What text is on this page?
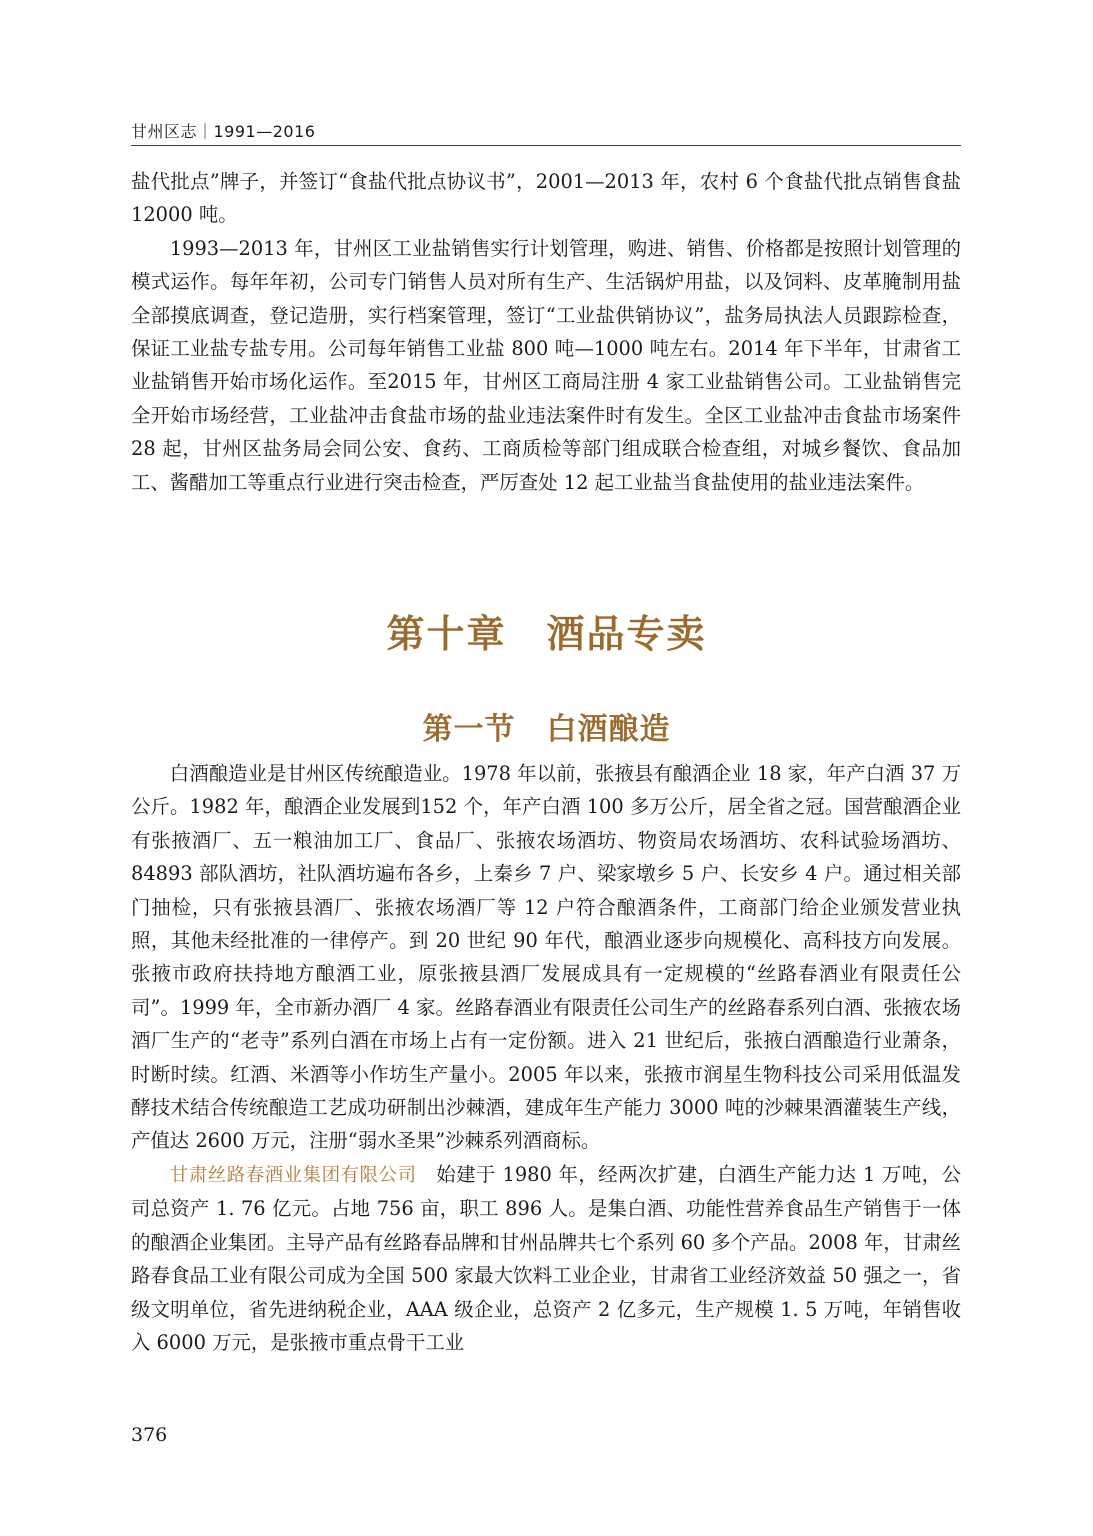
甘州区志｜1991—2016

盐代批点”牌子，并签订“食盐代批点协议书”，2001—2013 年，农村 6 个食盐代批点销售食盐 12000 吨。

1993—2013 年，甘州区工业盐销售实行计划管理，购进、销售、价格都是按照计划管理的模式运作。每年年初，公司专门销售人员对所有生产、生活锅炉用盐，以及饲料、皮革腌制用盐全部摸底调查，登记造册，实行档案管理，签订“工业盐供销协议”，盐务局执法人员跟踪检查，保证工业盐专盐专用。公司每年销售工业盐 800 吨—1000 吨左右。2014 年下半年，甘肃省工业盐销售开始市场化运作。至2015 年，甘州区工商局注册 4 家工业盐销售公司。工业盐销售完全开始市场经营，工业盐冲击食盐市场的盐业违法案件时有发生。全区工业盐冲击食盐市场案件 28 起，甘州区盐务局会同公安、食药、工商质检等部门组成联合检查组，对城乡餐饮、食品加工、酱醋加工等重点行业进行突击检查，严厉查处 12 起工业盐当食盐使用的盐业违法案件。

第十章　酒品专卖
第一节　白酒酿造

白酒酿造业是甘州区传统酿造业。1978 年以前，张掖县有酿酒企业 18 家，年产白酒 37 万公斤。1982 年，酿酒企业发展到152 个，年产白酒 100 多万公斤，居全省之冠。国营酿酒企业有张掖酒厂、五一粮油加工厂、食品厂、张掖农场酒坊、物资局农场酒坊、农科试验场酒坊、84893 部队酒坊，社队酒坊遍布各乡，上秦乡 7 户、梁家墩乡 5 户、长安乡 4 户。通过相关部门抽检，只有张掖县酒厂、张掖农场酒厂等 12 户符合酿酒条件，工商部门给企业颁发营业执照，其他未经批准的一律停产。到 20 世纪 90 年代，酿酒业逐步向规模化、高科技方向发展。张掖市政府扶持地方酿酒工业，原张掖县酒厂发展成具有一定规模的“丝路春酒业有限责任公司”。1999 年，全市新办酒厂 4 家。丝路春酒业有限责任公司生产的丝路春系列白酒、张掖农场酒厂生产的“老寺”系列白酒在市场上占有一定份额。进入 21 世纪后，张掖白酒酿造行业萧条，时断时续。红酒、米酒等小作坊生产量小。2005 年以来，张掖市润星生物科技公司采用低温发酵技术结合传统酿造工艺成功研制出沙棘酒，建成年生产能力 3000 吨的沙棘果酒灌装生产线，产值达 2600 万元，注册“弱水圣果”沙棘系列酒商标。

甘肃丝路春酒业集团有限公司　始建于 1980 年，经两次扩建，白酒生产能力达 1 万吨，公司总资产 1. 76 亿元。占地 756 亩，职工 896 人。是集白酒、功能性营养食品生产销售于一体的酿酒企业集团。主导产品有丝路春品牌和甘州品牌共七个系列 60 多个产品。2008 年，甘肃丝路春食品工业有限公司成为全国 500 家最大饮料工业企业，甘肃省工业经济效益 50 强之一，省级文明单位，省先进纳税企业，AAA 级企业，总资产 2 亿多元，生产规模 1. 5 万吨，年销售收入 6000 万元，是张掖市重点骨干工业

376
